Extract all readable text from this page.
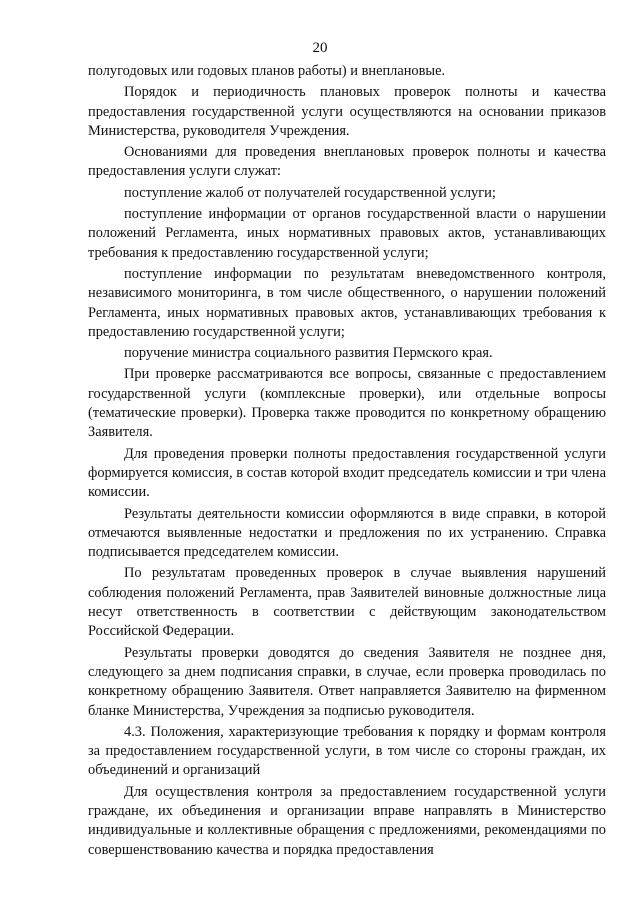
20

полугодовых или годовых планов работы) и внеплановые.

Порядок и периодичность плановых проверок полноты и качества предоставления государственной услуги осуществляются на основании приказов Министерства, руководителя Учреждения.

Основаниями для проведения внеплановых проверок полноты и качества предоставления услуги служат:

поступление жалоб от получателей государственной услуги;

поступление информации от органов государственной власти о нарушении положений Регламента, иных нормативных правовых актов, устанавливающих требования к предоставлению государственной услуги;

поступление информации по результатам вневедомственного контроля, независимого мониторинга, в том числе общественного, о нарушении положений Регламента, иных нормативных правовых актов, устанавливающих требования к предоставлению государственной услуги;

поручение министра социального развития Пермского края.

При проверке рассматриваются все вопросы, связанные с предоставлением государственной услуги (комплексные проверки), или отдельные вопросы (тематические проверки). Проверка также проводится по конкретному обращению Заявителя.

Для проведения проверки полноты предоставления государственной услуги формируется комиссия, в состав которой входит председатель комиссии и три члена комиссии.

Результаты деятельности комиссии оформляются в виде справки, в которой отмечаются выявленные недостатки и предложения по их устранению. Справка подписывается председателем комиссии.

По результатам проведенных проверок в случае выявления нарушений соблюдения положений Регламента, прав Заявителей виновные должностные лица несут ответственность в соответствии с действующим законодательством Российской Федерации.

Результаты проверки доводятся до сведения Заявителя не позднее дня, следующего за днем подписания справки, в случае, если проверка проводилась по конкретному обращению Заявителя. Ответ направляется Заявителю на фирменном бланке Министерства, Учреждения за подписью руководителя.

4.3. Положения, характеризующие требования к порядку и формам контроля за предоставлением государственной услуги, в том числе со стороны граждан, их объединений и организаций

Для осуществления контроля за предоставлением государственной услуги граждане, их объединения и организации вправе направлять в Министерство индивидуальные и коллективные обращения с предложениями, рекомендациями по совершенствованию качества и порядка предоставления
